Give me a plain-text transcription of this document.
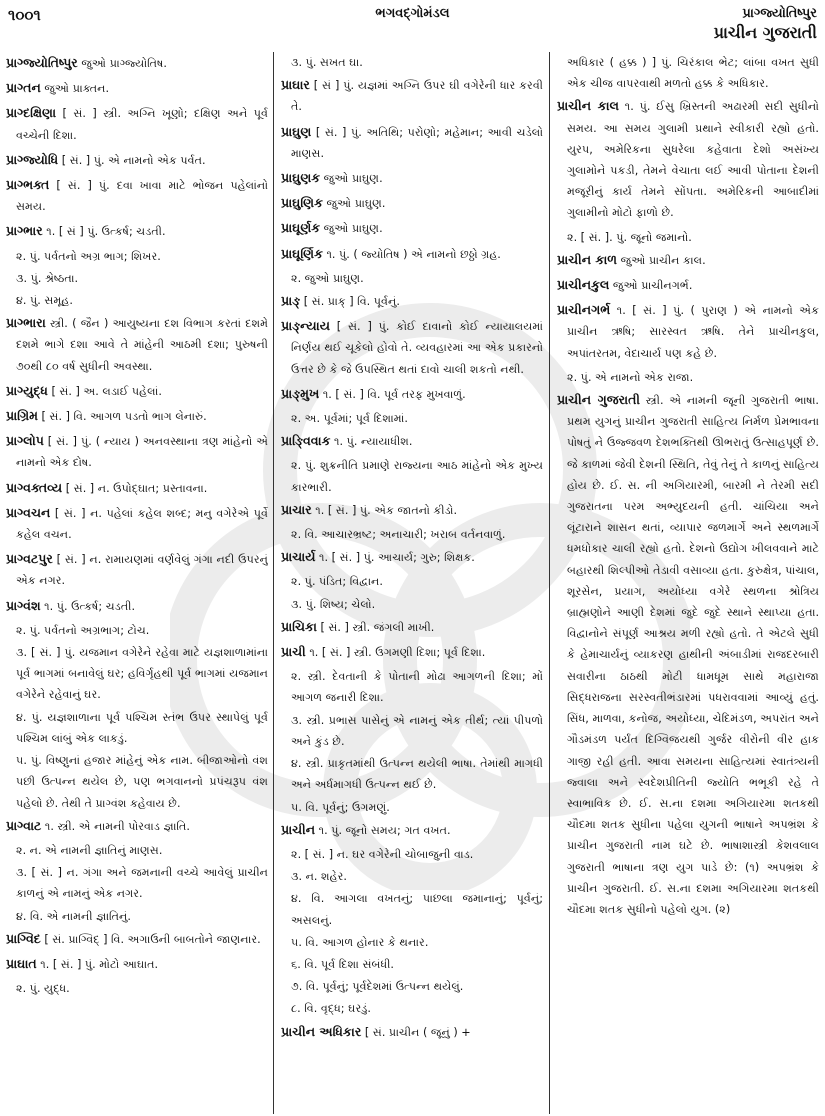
૧૦૦૧	ભગવદ્ગોમંડલ	પ્રાગ્જ્યોતિષ્પુર
પ્રાચીન ગુજરાતી
પ્રાગ્જ્યોતિષ્પુર જુઓ પ્રાગ્જ્યોતિષ.
પ્રાગ્તન જુઓ પ્રાક્તન.
પ્રાગ્દક્ષિણા [ સં. ] સ્ત્રી. અગ્નિ ખૂણો; દક્ષિણ અને પૂર્વ વચ્ચેની દિશા.
પ્રાગ્જ્યોધિ [ સં. ] પું. એ નામનો એક પર્વત.
પ્રાગ્ભક્ત [ સં. ] પું. દવા ખાવા માટે ભોજન પહેલાંનો સમય.
પ્રાગ્ભાર ૧. [ સં ] પું. ઉત્કર્ષ; ચડતી.
૨. પું. પર્વતનો અગ્ર ભાગ; શિખર.
૩. પું. શ્રેષ્ઠતા.
૪. પું. સમૂહ.
પ્રાગ્ભારા સ્ત્રી. ( જૈન ) આયુષ્યના દશ વિભાગ કરતાં દશમે દશમે ભાગે દશા આવે તે માંહેની આઠમી દશા; પુરુષની ૭૦થી ૮૦ વર્ષ સુધીની અવસ્થા.
પ્રાગ્યુદ્ધ [ સં. ] અ. લડાઈ પહેલાં.
પ્રાગ્રિમ [ સં. ] વિ. આગળ પડતો ભાગ લેનારું.
પ્રાગ્લોપ [ સં. ] પું. ( ન્યાય ) અનવસ્થાના ત્રણ માંહેનો એ નામનો એક દોષ.
પ્રાગ્વક્તવ્ય [ સં. ] ન. ઉપોદ્ઘાત; પ્રસ્તાવના.
પ્રાગ્વચન [ સં. ] ન. પહેલાં કહેલ શબ્દ; મનુ વગેરેએ પૂર્વે કહેલ વચન.
પ્રાગ્વટપુર [ સં. ] ન. રામાયણમાં વર્ણવેલું ગંગા નદી ઉપરનું એક નગર.
પ્રાગ્વંશ ૧. પું. ઉત્કર્ષ; ચડતી.
૨. પું. પર્વતનો અગ્રભાગ; ટોચ.
૩. [ સં. ] પું. યજમાન વગેરેને રહેવા માટે યજ્ઞશાળામાંના પૂર્વ ભાગમાં બનાવેલું ઘર; હવિર્ગૃહથી પૂર્વ ભાગમાં યજમાન વગેરેને રહેવાનું ઘર.
૪. પું. યજ્ઞશાળાના પૂર્વ પશ્ચિમ સ્તંભ ઉપર સ્થાપેલું પૂર્વ પશ્ચિમ લાંબું એક લાકડું.
૫. પું. વિષ્ણુનાં હજાર માંહેનું એક નામ. બીજાઓનો વંશ પછી ઉત્પન્ન થયેલ છે, પણ ભગવાનનો પ્રપંચરૂપ વંશ પહેલો છે. તેથી તે પ્રાગ્વંશ કહેવાય છે.
પ્રાગ્વાટ ૧. સ્ત્રી. એ નામની પોરવાડ જ્ઞાતિ.
૨. ન. એ નામની જ્ઞાતિનું માણસ.
૩. [ સં. ] ન. ગંગા અને જમનાની વચ્ચે આવેલું પ્રાચીન કાળનું એ નામનું એક નગર.
૪. વિ. એ નામની જ્ઞાતિનું.
પ્રાગ્વિદ [ સં. પ્રાગ્વિદ્ ] વિ. અગાઉની બાબતોને જાણનાર.
પ્રાઘાત ૧. [ સં. ] પું. મોટો આઘાત.
૨. પું. યુદ્ધ.
૩. પું. સખત ઘા.
પ્રાઘાર [ સં ] પું. યજ્ઞમાં અગ્નિ ઉપર ઘી વગેરેની ધાર કરવી તે.
પ્રાઘુણ [ સં. ] પું. અતિથિ; પરોણો; મહેમાન; આવી ચડેલો માણસ.
પ્રાઘુણક જુઓ પ્રાઘુણ.
પ્રાઘુણિક જુઓ પ્રાઘુણ.
પ્રાઘૂર્ણક જુઓ પ્રાઘુણ.
પ્રાઘૂર્ણિક ૧. પું. ( જ્યોતિષ ) એ નામનો છઠ્ઠો ગ્રહ.
૨. જુઓ પ્રાઘુણ.
પ્રાઙ્ [ સં. પ્રાક્ ] વિ. પૂર્વનું.
પ્રાઙ્ન્યાય [ સં. ] પું. કોઈ દાવાનો કોઈ ન્યાયાલયમાં નિર્ણય થઈ ચૂકેલો હોવો તે. વ્યવહારમાં આ એક પ્રકારનો ઉત્તર છે કે જે ઉપસ્થિત થતાં દાવો ચાલી શકતો નથી.
પ્રાઙ્મુખ ૧. [ સં. ] વિ. પૂર્વ તરફ મુખવાળું.
૨. અ. પૂર્વમાં; પૂર્વ દિશામાં.
પ્રાઙ્વિવાક ૧. પું. ન્યાયાધીશ.
૨. પું. શુક્રનીતિ પ્રમાણે રાજ્યના આઠ માંહેનો એક મુખ્ય કારભારી.
પ્રાચાર ૧. [ સં. ] પું. એક જાતનો કીડો.
૨. વિ. આચારભ્રષ્ટ; અનાચારી; ખરાબ વર્તનવાળું.
પ્રાચાર્ય ૧. [ સં. ] પું. આચાર્ય; ગુરુ; શિક્ષક.
૨. પું. પંડિત; વિદ્વાન.
૩. પું. શિષ્ય; ચેલો.
પ્રાચિકા [ સં. ] સ્ત્રી. જંગલી માખી.
પ્રાચી ૧. [ સં. ] સ્ત્રી. ઉગમણી દિશા; પૂર્વ દિશા.
૨. સ્ત્રી. દેવતાની કે પોતાની મોઢા આગળની દિશા; મોં આગળ જનારી દિશા.
૩. સ્ત્રી. પ્રભાસ પાસેનું એ નામનું એક તીર્થ; ત્યાં પીપળો અને કુંડ છે.
૪. સ્ત્રી. પ્રાકૃતમાંથી ઉત્પન્ન થયેલી ભાષા. તેમાંથી માગધી અને અર્ધમાગધી ઉત્પન્ન થઈ છે.
૫. વિ. પૂર્વનું; ઉગમણું.
પ્રાચીન ૧. પું. જૂનો સમય; ગત વખત.
૨. [ સં. ] ન. ઘર વગેરેની ચોબાજુની વાડ.
૩. ન. શહેર.
૪. વિ. આગલા વખતનું; પાછલા જમાનાનું; પૂર્વનું; અસલનું.
૫. વિ. આગળ હોનાર કે થનાર.
૬. વિ. પૂર્વ દિશા સંબંધી.
૭. વિ. પૂર્વનું; પૂર્વદેશમાં ઉત્પન્ન થયેલું.
૮. વિ. વૃદ્ધ; ઘરડું.
પ્રાચીન અધિકાર [ સં. પ્રાચીન ( જૂનું ) +
અધિકાર ( હક્ક ) ] પું. ચિરંકાલ ભેટ; લાંબા વખત સુધી એક ચીજ વાપરવાથી મળતો હક્ક કે અધિકાર.
પ્રાચીન કાલ ૧. પું. ઈસુ ખ્રિસ્તની અઢારમી સદી સુધીનો સમય. આ સમય ગુલામી પ્રથાને સ્વીકારી રહ્યો હતો. યુરપ, અમેરિકના સુધરેલા કહેવાતા દેશો અસંખ્ય ગુલામોને પકડી, તેમને વેચાતા લઈ આવી પોતાના દેશની મજૂરીનું કાર્ય તેમને સોંપતા. અમેરિકની આબાદીમાં ગુલામીનો મોટો ફાળો છે.
૨. [ સં. ]. પું. જૂનો જમાનો.
પ્રાચીન કાળ જુઓ પ્રાચીન કાલ.
પ્રાચીનકુલ જુઓ પ્રાચીનગર્ભ.
પ્રાચીનગર્ભ ૧. [ સં. ] પું. ( પુરાણ ) એ નામનો એક પ્રાચીન ઋષિ; સારસ્વત ઋષિ. તેને પ્રાચીનકુલ, અપાંતરતમ, વેદાચાર્ય પણ કહે છે.
૨. પું. એ નામનો એક રાજા.
પ્રાચીન ગુજરાતી સ્ત્રી. એ નામની જૂની ગુજરાતી ભાષા. પ્રથમ યુગનું પ્રાચીન ગુજરાતી સાહિત્ય નિર્મળ પ્રેમભાવના પોષતું ને ઉજ્જવળ દેશભક્તિથી ઊભરાતું ઉત્સાહપૂર્ણ છે. જે કાળમાં જેવી દેશની સ્થિતિ, તેવું તેનું તે કાળનું સાહિત્ય હોય છે. ઈ. સ. ની અગિયારમી, બારમી ને તેરમી સદી ગુજરાતના પરમ અભ્યુદયની હતી. ચાંચિયા અને લૂંટારાને શાસન થતાં, વ્યાપાર જળમાર્ગે અને સ્થળમાર્ગે ધમધોકાર ચાલી રહ્યો હતો. દેશનો ઉદ્યોગ ખીલવવાને માટે બહારથી શિલ્પીઓ તેડાવી વસાવ્યા હતા. કુરુક્ષેત્ર, પાંચાલ, શૂરસેન, પ્રયાગ, અયોધ્યા વગેરે સ્થળના શ્રોત્રિય બ્રાહ્મણોને આણી દેશમાં જુદે જુદે સ્થાને સ્થાપ્યા હતા. વિદ્વાનોને સંપૂર્ણ આશ્રય મળી રહ્યો હતો. તે એટલે સુધી કે હેમાચાર્યનું વ્યાકરણ હાથીની અંબાડીમાં રાજદરબારી સવારીના ઠાઠથી મોટી ધામધૂમ સાથે મહારાજા સિદ્ધરાજના સરસ્વતીભંડારમાં પધરાવવામાં આવ્યું હતું. સિંધ, માળવા, કનોજ, અયોધ્યા, ચેદિમંડળ, અપરાંત અને ગૌડમંડળ પર્યંત દિગ્વિજયથી ગુર્જર વીરોની વીર હાક ગાજી રહી હતી. આવા સમયના સાહિત્યમાં સ્વાતંત્ર્યની જ્વાલા અને સ્વદેશપ્રીતિની જ્યોતિ ભભૂકી રહે તે સ્વાભાવિક છે. ઈ. સ.ના દશમા અગિયારમા શતકથી ચૌદમા શતક સુધીના પહેલા યુગની ભાષાને અપભ્રંશ કે પ્રાચીન ગુજરાતી નામ ઘટે છે. ભાષાશાસ્ત્રી કેશવલાલ ગુજરાતી ભાષાના ત્રણ યુગ પાડે છે: (૧) અપભ્રંશ કે પ્રાચીન ગુજરાતી. ઈ. સ.ના દશમા અગિયારમા શતકથી ચૌદમા શતક સુધીનો પહેલો યુગ. (૨)
